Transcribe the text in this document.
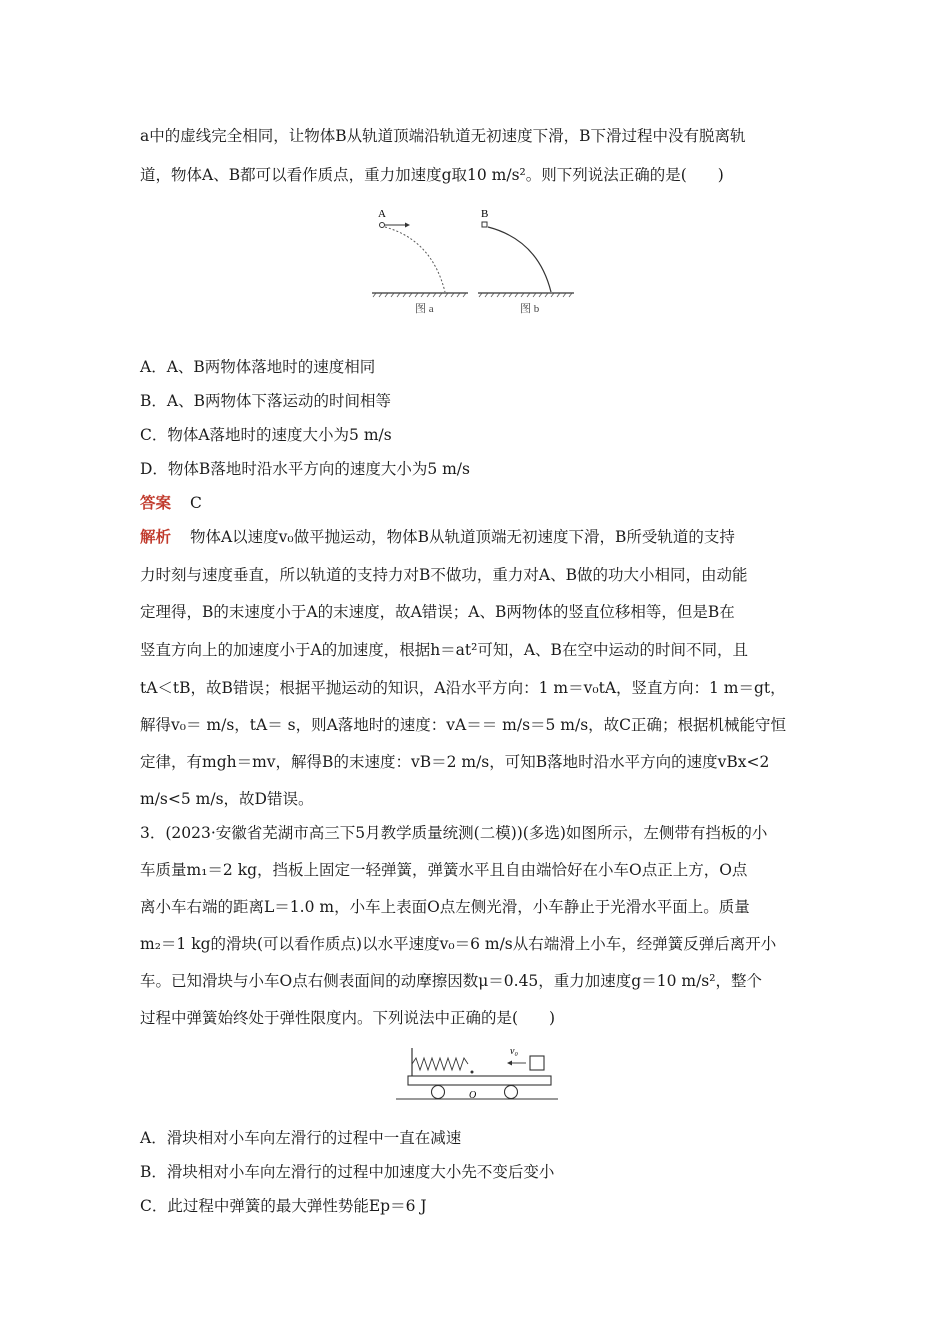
a中的虚线完全相同，让物体B从轨道顶端沿轨道无初速度下滑，B下滑过程中没有脱离轨
道，物体A、B都可以看作质点，重力加速度g取10 m/s²。则下列说法正确的是(　　)
A
图 a
B
图 b
A．A、B两物体落地时的速度相同
B．A、B两物体下落运动的时间相等
C．物体A落地时的速度大小为5 m/s
D．物体B落地时沿水平方向的速度大小为5 m/s
答案 C
解析 物体A以速度v₀做平抛运动，物体B从轨道顶端无初速度下滑，B所受轨道的支持
力时刻与速度垂直，所以轨道的支持力对B不做功，重力对A、B做的功大小相同，由动能
定理得，B的末速度小于A的末速度，故A错误；A、B两物体的竖直位移相等，但是B在
竖直方向上的加速度小于A的加速度，根据h＝at²可知，A、B在空中运动的时间不同，且
tA＜tB，故B错误；根据平抛运动的知识，A沿水平方向：1 m＝v₀tA，竖直方向：1 m＝gt，
解得v₀＝ m/s，tA＝ s，则A落地时的速度：vA＝＝ m/s＝5 m/s，故C正确；根据机械能守恒
定律，有mgh＝mv，解得B的末速度：vB＝2 m/s，可知B落地时沿水平方向的速度vBx<2
m/s<5 m/s，故D错误。
3．(2023·安徽省芜湖市高三下5月教学质量统测(二模))(多选)如图所示，左侧带有挡板的小
车质量m₁＝2 kg，挡板上固定一轻弹簧，弹簧水平且自由端恰好在小车O点正上方，O点
离小车右端的距离L＝1.0 m，小车上表面O点左侧光滑，小车静止于光滑水平面上。质量
m₂＝1 kg的滑块(可以看作质点)以水平速度v₀＝6 m/s从右端滑上小车，经弹簧反弹后离开小
车。已知滑块与小车O点右侧表面间的动摩擦因数μ＝0.45，重力加速度g＝10 m/s²，整个
过程中弹簧始终处于弹性限度内。下列说法中正确的是(　　)
v₀
O
A．滑块相对小车向左滑行的过程中一直在减速
B．滑块相对小车向左滑行的过程中加速度大小先不变后变小
C．此过程中弹簧的最大弹性势能Ep＝6 J
